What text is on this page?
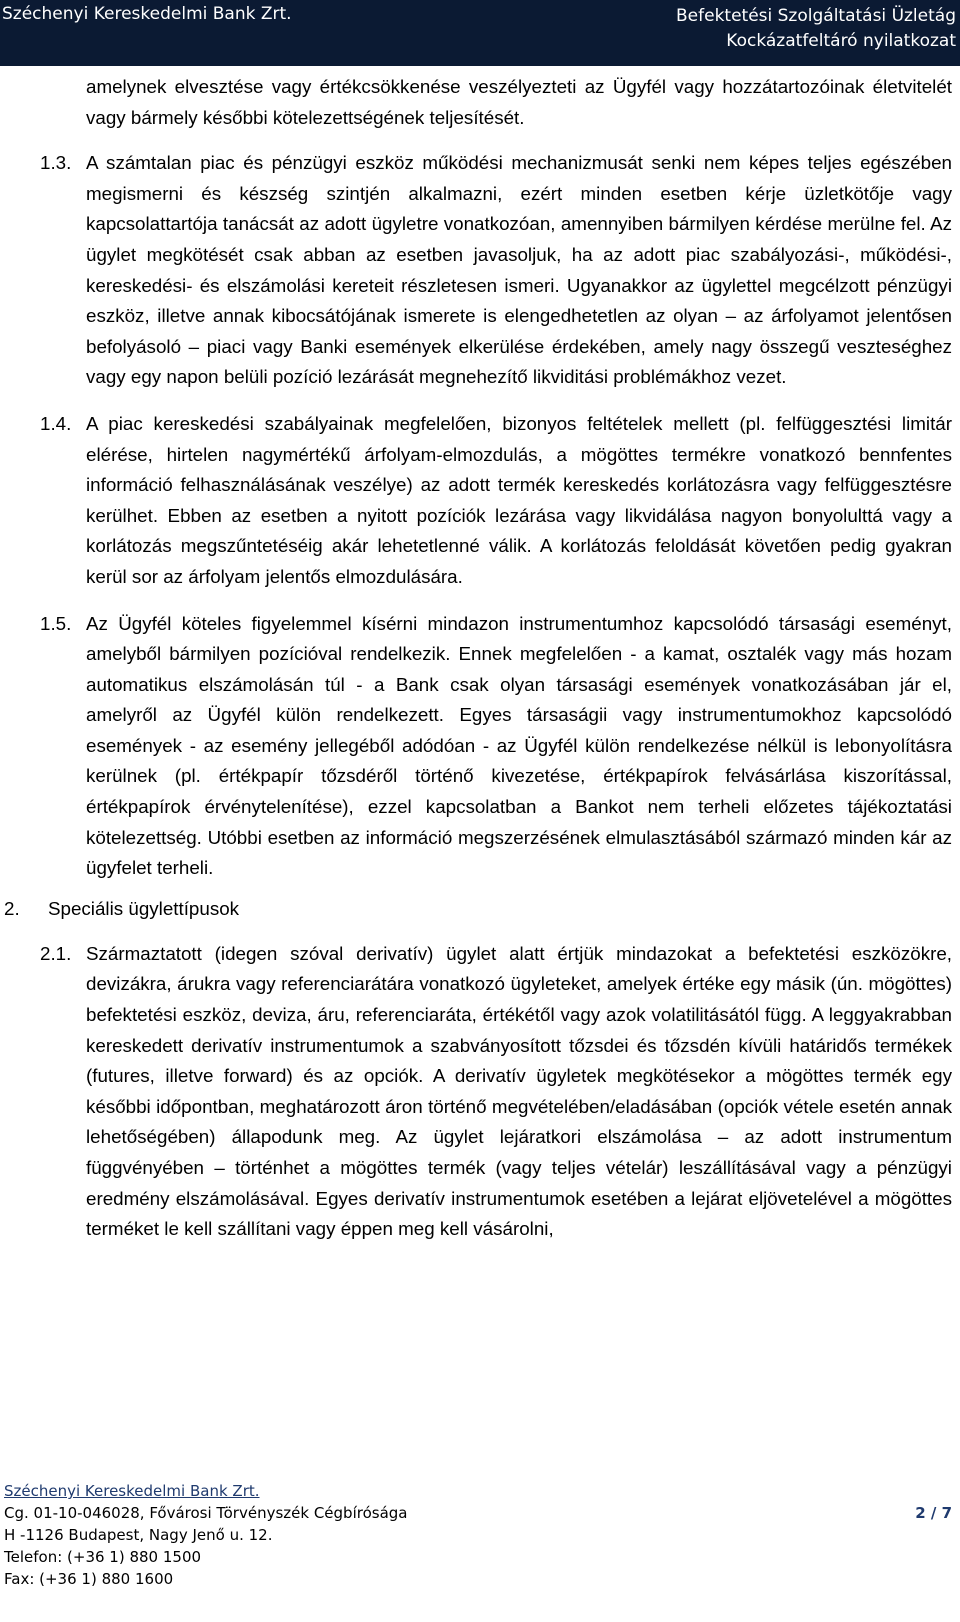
Széchenyi Kereskedelmi Bank Zrt.	Befektetési Szolgáltatási Üzletág
Kockázatfeltáró nyilatkozat

amelynek elvesztése vagy értékcsökkenése veszélyezteti az Ügyfél vagy hozzátartozóinak életvitelét vagy bármely későbbi kötelezettségének teljesítését.

1.3. A számtalan piac és pénzügyi eszköz működési mechanizmusát senki nem képes teljes egészében megismerni és készség szintjén alkalmazni, ezért minden esetben kérje üzletkötője vagy kapcsolattartója tanácsát az adott ügyletre vonatkozóan, amennyiben bármilyen kérdése merülne fel. Az ügylet megkötését csak abban az esetben javasoljuk, ha az adott piac szabályozási-, működési-, kereskedési- és elszámolási kereteit részletesen ismeri. Ugyanakkor az ügylettel megcélzott pénzügyi eszköz, illetve annak kibocsátójának ismerete is elengedhetetlen az olyan – az árfolyamot jelentősen befolyásoló – piaci vagy Banki események elkerülése érdekében, amely nagy összegű veszteséghez vagy egy napon belüli pozíció lezárását megnehezítő likviditási problémákhoz vezet.

1.4. A piac kereskedési szabályainak megfelelően, bizonyos feltételek mellett (pl. felfüggesztési limitár elérése, hirtelen nagymértékű árfolyam-elmozdulás, a mögöttes termékre vonatkozó bennfentes információ felhasználásának veszélye) az adott termék kereskedés korlátozásra vagy felfüggesztésre kerülhet. Ebben az esetben a nyitott pozíciók lezárása vagy likvidálása nagyon bonyolulttá vagy a korlátozás megszűntetéséig akár lehetetlenné válik. A korlátozás feloldását követően pedig gyakran kerül sor az árfolyam jelentős elmozdulására.

1.5. Az Ügyfél köteles figyelemmel kísérni mindazon instrumentumhoz kapcsolódó társasági eseményt, amelyből bármilyen pozícióval rendelkezik. Ennek megfelelően - a kamat, osztalék vagy más hozam automatikus elszámolásán túl - a Bank csak olyan társasági események vonatkozásában jár el, amelyről az Ügyfél külön rendelkezett. Egyes társaságii vagy instrumentumokhoz kapcsolódó események - az esemény jellegéből adódóan - az Ügyfél külön rendelkezése nélkül is lebonyolításra kerülnek (pl. értékpapír tőzsdéről történő kivezetése, értékpapírok felvásárlása kiszorítással, értékpapírok érvénytelenítése), ezzel kapcsolatban a Bankot nem terheli előzetes tájékoztatási kötelezettség. Utóbbi esetben az információ megszerzésének elmulasztásából származó minden kár az ügyfelet terheli.

2. Speciális ügylettípusok
2.1. Származtatott (idegen szóval derivatív) ügylet alatt értjük mindazokat a befektetési eszközökre, devizákra, árukra vagy referenciarátára vonatkozó ügyleteket, amelyek értéke egy másik (ún. mögöttes) befektetési eszköz, deviza, áru, referenciaráta, értékétől vagy azok volatilitásától függ. A leggyakrabban kereskedett derivatív instrumentumok a szabványosított tőzsdei és tőzsdén kívüli határidős termékek (futures, illetve forward) és az opciók. A derivatív ügyletek megkötésekor a mögöttes termék egy későbbi időpontban, meghatározott áron történő megvételében/eladásában (opciók vétele esetén annak lehetőségében) állapodunk meg. Az ügylet lejáratkori elszámolása – az adott instrumentum függvényében – történhet a mögöttes termék (vagy teljes vételár) leszállításával vagy a pénzügyi eredmény elszámolásával. Egyes derivatív instrumentumok esetében a lejárat eljövetelével a mögöttes terméket le kell szállítani vagy éppen meg kell vásárolni,

Széchenyi Kereskedelmi Bank Zrt.
Cg. 01-10-046028, Fővárosi Törvényszék Cégbírósága
H -1126 Budapest, Nagy Jenő u. 12.
Telefon: (+36 1) 880 1500
Fax: (+36 1) 880 1600
2 / 7
